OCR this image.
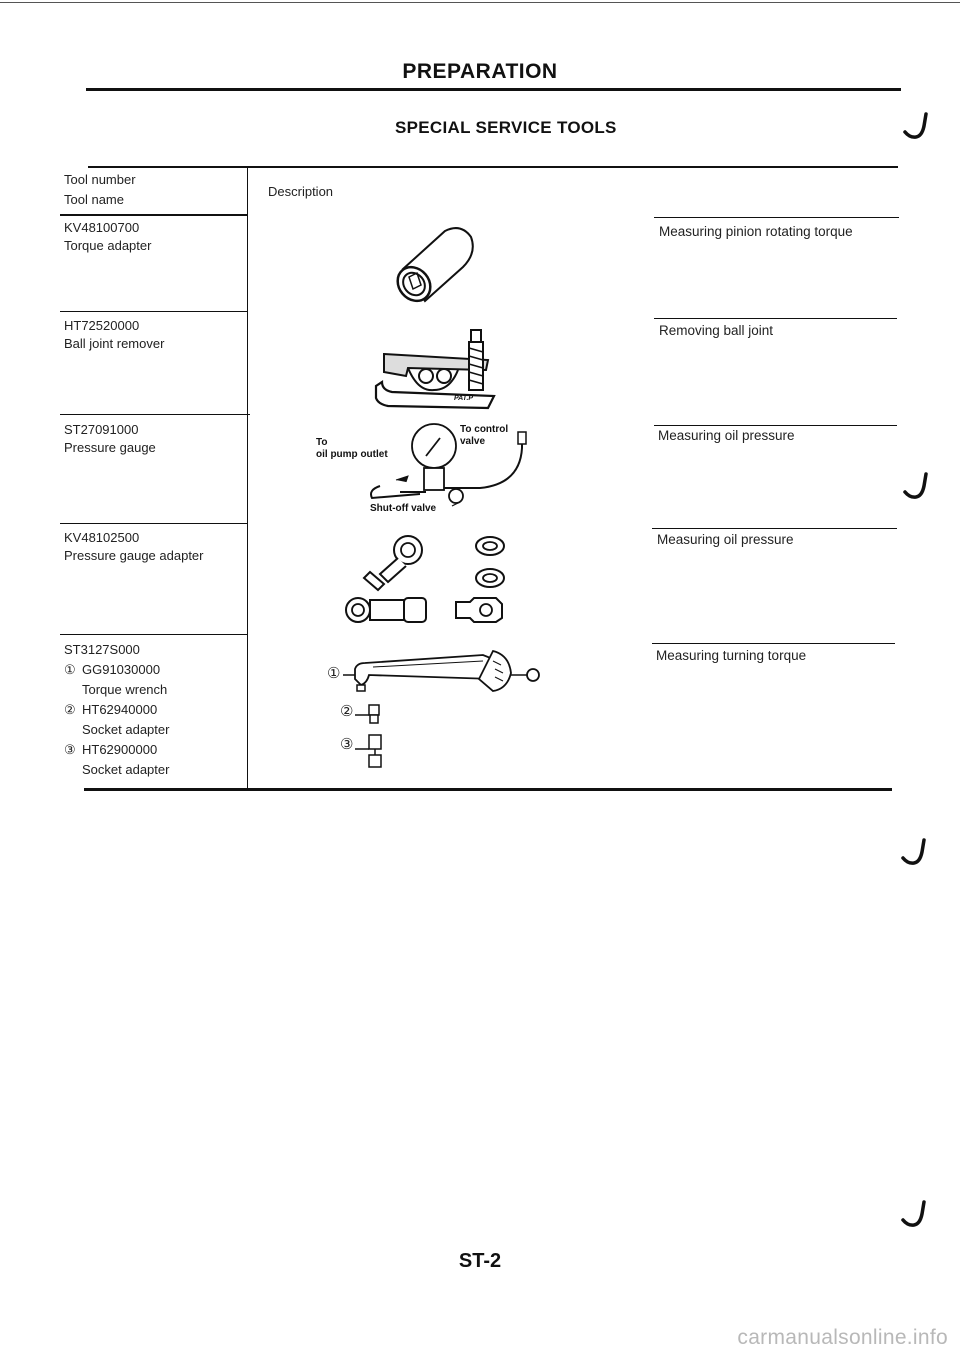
PREPARATION
SPECIAL SERVICE TOOLS
Tool number
Tool name
Description
KV48100700
Torque adapter
Measuring pinion rotating torque
HT72520000
Ball joint remover
Removing ball joint
PAT.P
ST27091000
Pressure gauge
Measuring oil pressure
To
oil pump outlet
To control
valve
Shut-off valve
KV48102500
Pressure gauge adapter
Measuring oil pressure
ST3127S000
① GG91030000
Torque wrench
② HT62940000
Socket adapter
③ HT62900000
Socket adapter
Measuring turning torque
①
②
③
ST-2
carmanualsonline.info
